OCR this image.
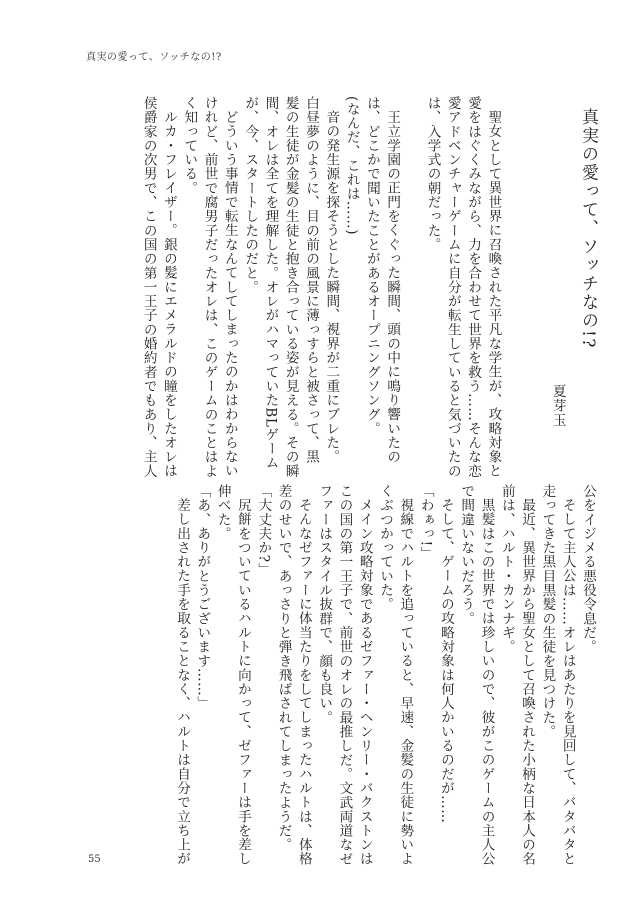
真実の愛って、ソッチなの!?
真実の愛って、ソッチなの!?
夏芽玉
聖女として異世界に召喚された平凡な学生が、攻略対象と
愛をはぐくみながら、力を合わせて世界を救う……そんな恋
愛アドベンチャーゲームに自分が転生していると気づいたの
は、入学式の朝だった。
王立学園の正門をくぐった瞬間、頭の中に鳴り響いたの
は、どこかで聞いたことがあるオープニングソング。
(なんだ、これは……)
音の発生源を探そうとした瞬間、視界が二重にブレた。
白昼夢のように、目の前の風景に薄っすらと被さって、黒
髪の生徒が金髪の生徒と抱き合っている姿が見える。その瞬
間、オレは全てを理解した。オレがハマっていたBLゲーム
が、今、スタートしたのだと。
どういう事情で転生なんてしてしまったのかはわからない
けれど、前世で腐男子だったオレは、このゲームのことはよ
く知っている。
ルカ・フレイザー。銀の髪にエメラルドの瞳をしたオレは
侯爵家の次男で、この国の第一王子の婚約者でもあり、主人
公をイジメる悪役令息だ。
そして主人公は……オレはあたりを見回して、バタバタと
走ってきた黒目黒髪の生徒を見つけた。
最近、異世界から聖女として召喚された小柄な日本人の名
前は、ハルト・カンナギ。
黒髪はこの世界では珍しいので、彼がこのゲームの主人公
で間違いないだろう。
そして、ゲームの攻略対象は何人かいるのだが……
「わぁっ!」
視線でハルトを追っていると、早速、金髪の生徒に勢いよ
くぶつかっていた。
メイン攻略対象であるゼファー・ヘンリー・バクストンは
この国の第一王子で、前世のオレの最推しだ。文武両道なゼ
ファーはスタイル抜群で、顔も良い。
そんなゼファーに体当たりをしてしまったハルトは、体格
差のせいで、あっさりと弾き飛ばされてしまったようだ。
「大丈夫か?」
尻餅をついているハルトに向かって、ゼファーは手を差し
伸べた。
「あ、ありがとうございます……」
差し出された手を取ることなく、ハルトは自分で立ち上が
55
